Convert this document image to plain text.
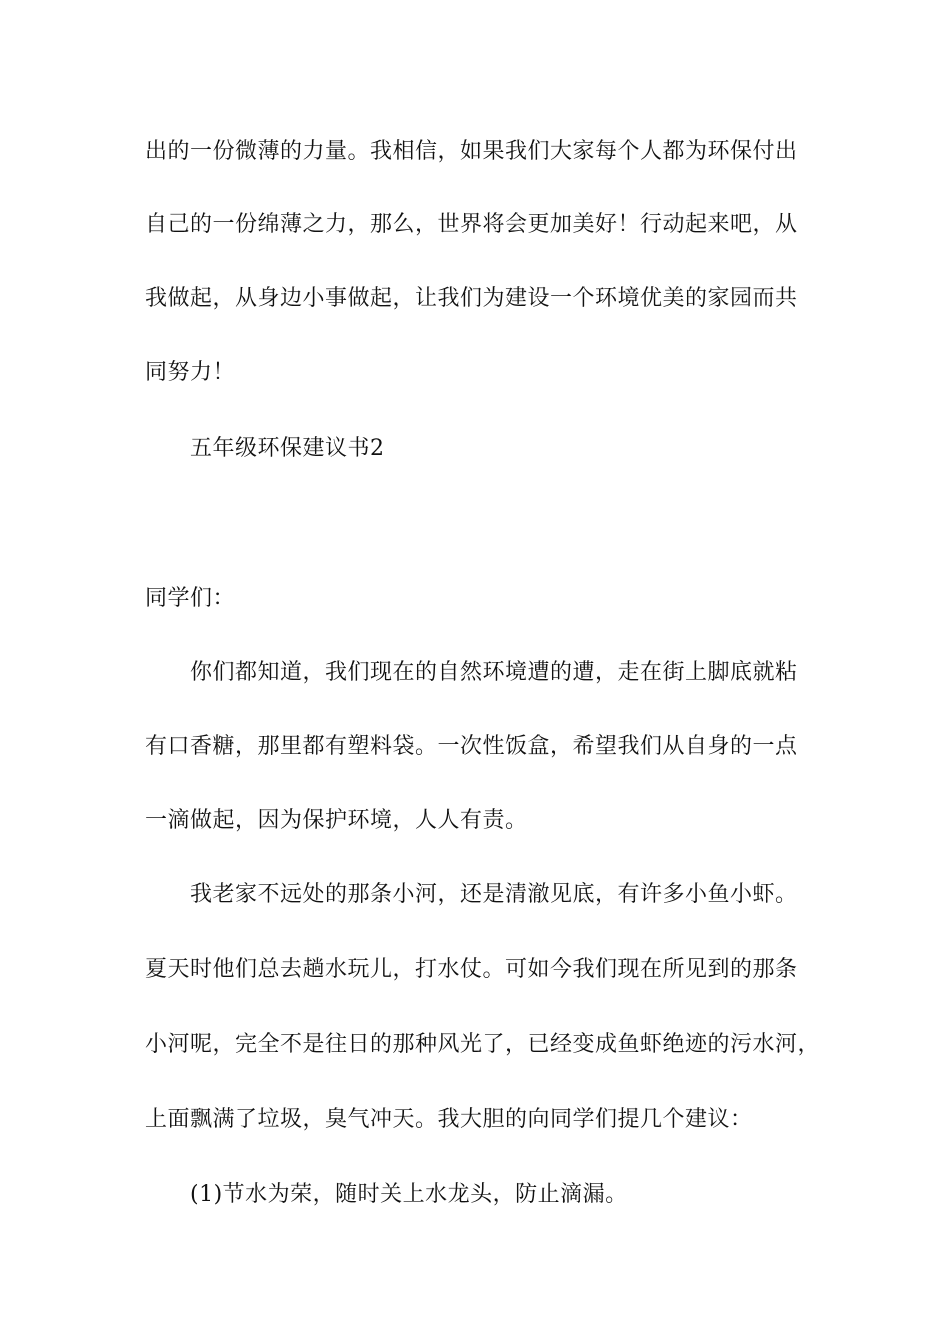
出的一份微薄的力量。我相信，如果我们大家每个人都为环保付出
自己的一份绵薄之力，那么，世界将会更加美好！行动起来吧，从
我做起，从身边小事做起，让我们为建设一个环境优美的家园而共
同努力！
五年级环保建议书2
同学们：
你们都知道，我们现在的自然环境遭的遭，走在街上脚底就粘
有口香糖，那里都有塑料袋。一次性饭盒，希望我们从自身的一点
一滴做起，因为保护环境，人人有责。
我老家不远处的那条小河，还是清澈见底，有许多小鱼小虾。
夏天时他们总去趟水玩儿，打水仗。可如今我们现在所见到的那条
小河呢，完全不是往日的那种风光了，已经变成鱼虾绝迹的污水河，
上面飘满了垃圾，臭气冲天。我大胆的向同学们提几个建议：
(1)节水为荣，随时关上水龙头，防止滴漏。
